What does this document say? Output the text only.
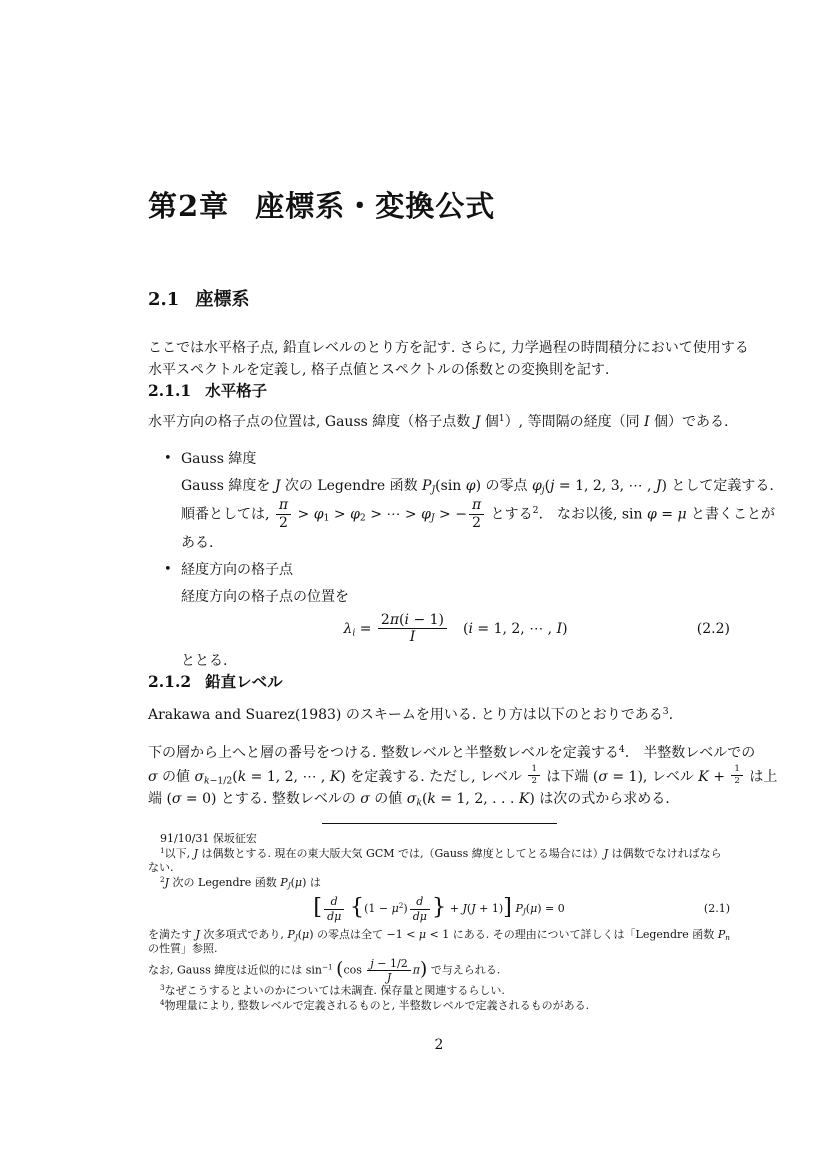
第2章 座標系・変換公式
2.1 座標系
ここでは水平格子点, 鉛直レベルのとり方を記す. さらに, 力学過程の時間積分において使用する
水平スペクトルを定義し, 格子点値とスペクトルの係数との変換則を記す.
2.1.1 水平格子
水平方向の格子点の位置は, Gauss 緯度（格子点数 J 個$^1$）, 等間隔の経度（同 I 個）である.
• Gauss 緯度
Gauss 緯度を J 次の Legendre 函数 $P_J(\sin$ φ) の零点 $\varphi_j(j = 1$, 2, 3, ⋯ , J) として定義する.
順番としては, $\frac{\pi}{2} > \varphi_1 > \varphi_2$ > ⋯ > $\varphi_J$ > − $\frac{\pi}{2}$ とする$^2$.　なお以後, sin φ = μ と書くことが
ある.
• 経度方向の格子点
経度方向の格子点の位置を
$\lambda_i = \frac{2\pi(i - 1)}{I}$ 　(i = 1, 2, ⋯ , I)	(2.2)
ととる.
2.1.2 鉛直レベル
Arakawa and Suarez(1983) のスキームを用いる. とり方は以下のとおりである$^3$.
下の層から上へと層の番号をつける. 整数レベルと半整数レベルを定義する$^4$.　半整数レベルでの
σ の値 $\sigma_{k-1/2}(k = 1$, 2, ⋯ , K) を定義する. ただし, レベル $\frac{1}{2}$ は下端 (σ = 1), レベル $K + \frac{1}{2}$ は上
端 (σ = 0) とする. 整数レベルの σ の値 $\sigma_k(k = 1$, 2, . . . K) は次の式から求める.
91/10/31 保坂征宏
$^1$以下, J は偶数とする. 現在の東大版大気 GCM では,（Gauss 緯度としてとる場合には）J は偶数でなければなら
ない.
$^2$J 次の Legendre 函数 $P_J(\mu)$ は
[ $\frac{d}{d\mu} \{(1 - \mu^2) \frac{d}{d\mu}$ } + J(J + 1)] $P_J(\mu) = 0$	(2.1)
を満たす J 次多項式であり, $P_J(\mu)$ の零点は全て −1 < μ < 1 にある. その理由について詳しくは「Legendre 函数 $P_n$
の性質」参照.
なお, Gauss 緯度は近似的には $\sin^{-1} (\cos \frac{j - 1/2}{J} \pi)$ で与えられる.
$^3$なぜこうするとよいのかについては未調査. 保存量と関連するらしい.
$^4$物理量により, 整数レベルで定義されるものと, 半整数レベルで定義されるものがある.
2
